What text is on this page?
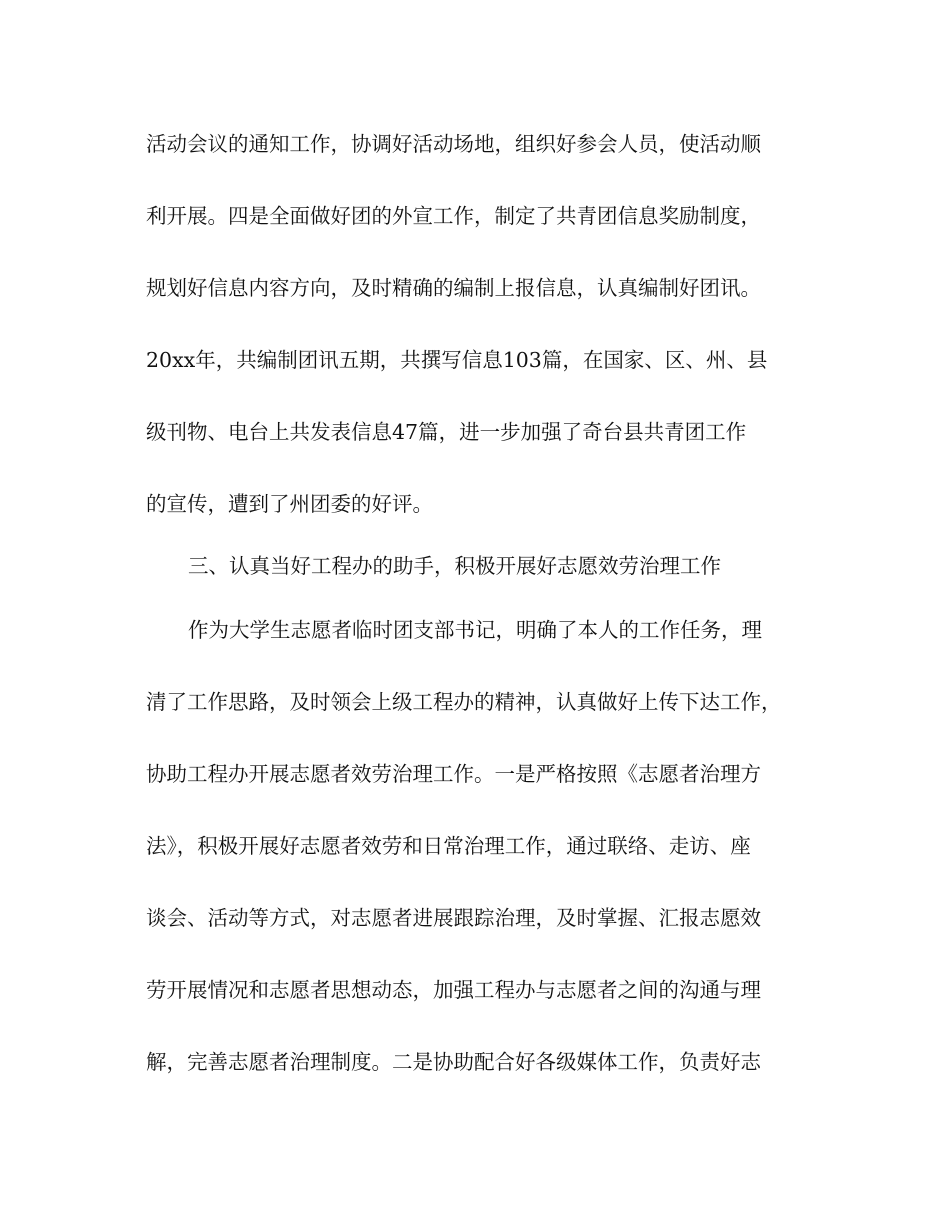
活动会议的通知工作，协调好活动场地，组织好参会人员，使活动顺
利开展。四是全面做好团的外宣工作，制定了共青团信息奖励制度，
规划好信息内容方向，及时精确的编制上报信息，认真编制好团讯。
20xx年，共编制团讯五期，共撰写信息103篇，在国家、区、州、县
级刊物、电台上共发表信息47篇，进一步加强了奇台县共青团工作
的宣传，遭到了州团委的好评。
三、认真当好工程办的助手，积极开展好志愿效劳治理工作
作为大学生志愿者临时团支部书记，明确了本人的工作任务，理
清了工作思路，及时领会上级工程办的精神，认真做好上传下达工作，
协助工程办开展志愿者效劳治理工作。一是严格按照《志愿者治理方
法》，积极开展好志愿者效劳和日常治理工作，通过联络、走访、座
谈会、活动等方式，对志愿者进展跟踪治理，及时掌握、汇报志愿效
劳开展情况和志愿者思想动态，加强工程办与志愿者之间的沟通与理
解，完善志愿者治理制度。二是协助配合好各级媒体工作，负责好志
